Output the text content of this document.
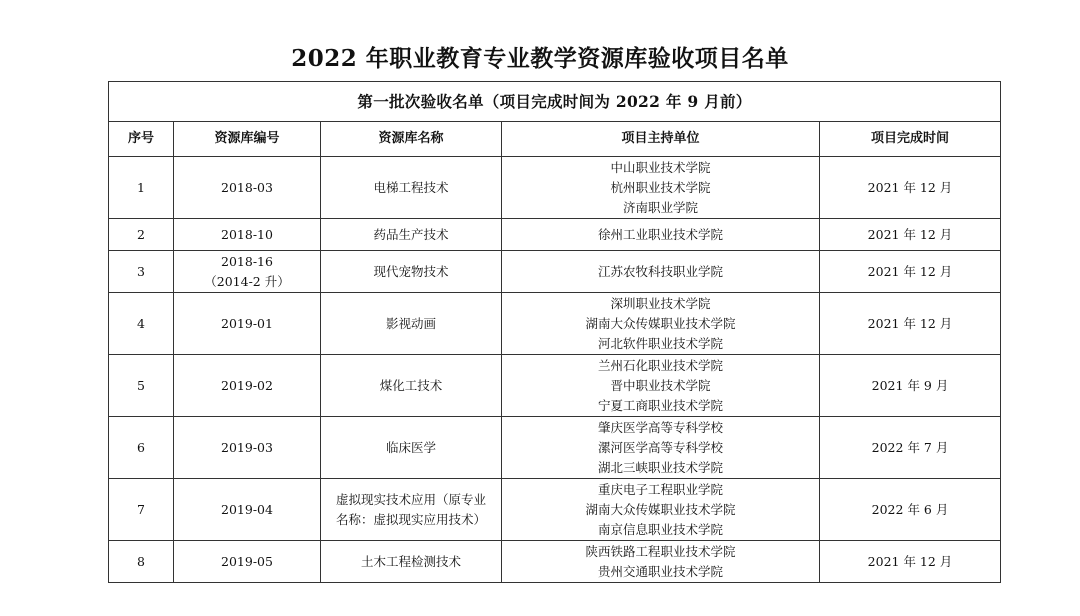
2022 年职业教育专业教学资源库验收项目名单
第一批次验收名单（项目完成时间为 2022 年 9 月前）				
序号	资源库编号	资源库名称	项目主持单位	项目完成时间
1	2018-03	电梯工程技术	中山职业技术学院
杭州职业技术学院
济南职业学院	2021 年 12 月
2	2018-10	药品生产技术	徐州工业职业技术学院	2021 年 12 月
3	2018-16
（2014-2 升）	现代宠物技术	江苏农牧科技职业学院	2021 年 12 月
4	2019-01	影视动画	深圳职业技术学院
湖南大众传媒职业技术学院
河北软件职业技术学院	2021 年 12 月
5	2019-02	煤化工技术	兰州石化职业技术学院
晋中职业技术学院
宁夏工商职业技术学院	2021 年 9 月
6	2019-03	临床医学	肇庆医学高等专科学校
漯河医学高等专科学校
湖北三峡职业技术学院	2022 年 7 月
7	2019-04	虚拟现实技术应用（原专业
名称：虚拟现实应用技术）	重庆电子工程职业学院
湖南大众传媒职业技术学院
南京信息职业技术学院	2022 年 6 月
8	2019-05	土木工程检测技术	陕西铁路工程职业技术学院
贵州交通职业技术学院	2021 年 12 月
